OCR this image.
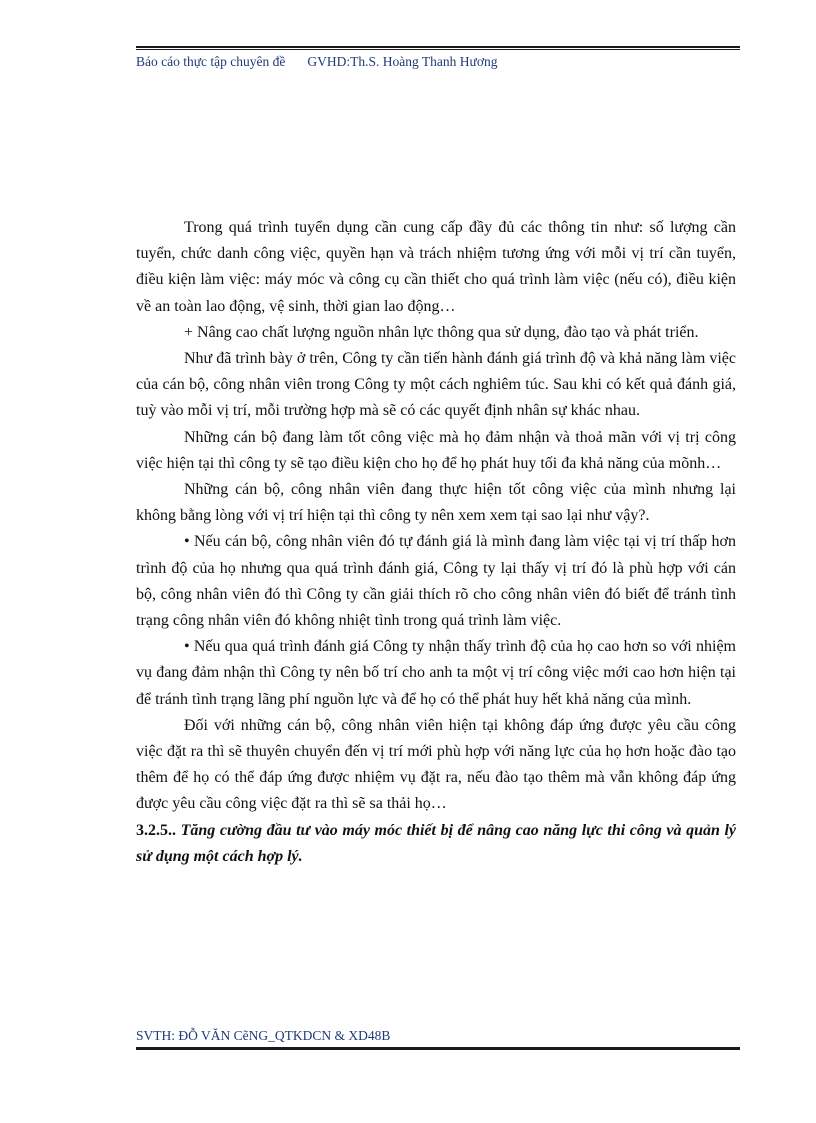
Báo cáo thực tập chuyên đề GVHD:Th.S. Hoàng Thanh Hương

Trong quá trình tuyển dụng cần cung cấp đầy đủ các thông tin như: số lượng cần tuyển, chức danh công việc, quyền hạn và trách nhiệm tương ứng với mỗi vị trí cần tuyển, điều kiện làm việc: máy móc và công cụ cần thiết cho quá trình làm việc (nếu có), điều kiện về an toàn lao động, vệ sinh, thời gian lao động…

+ Nâng cao chất lượng nguồn nhân lực thông qua sử dụng, đào tạo và phát triển.

Như đã trình bày ở trên, Công ty cần tiến hành đánh giá trình độ và khả năng làm việc của cán bộ, công nhân viên trong Công ty một cách nghiêm túc. Sau khi có kết quả đánh giá, tuỳ vào mỗi vị trí, mỗi trường hợp mà sẽ có các quyết định nhân sự khác nhau.

Những cán bộ đang làm tốt công việc mà họ đảm nhận và thoả mãn với vị trị công việc hiện tại thì công ty sẽ tạo điều kiện cho họ để họ phát huy tối đa khả năng của mõnh…

Những cán bộ, công nhân viên đang thực hiện tốt công việc của mình nhưng lại không bằng lòng với vị trí hiện tại thì công ty nên xem xem tại sao lại như vậy?.

• Nếu cán bộ, công nhân viên đó tự đánh giá là mình đang làm việc tại vị trí thấp hơn trình độ của họ nhưng qua quá trình đánh giá, Công ty lại thấy vị trí đó là phù hợp với cán bộ, công nhân viên đó thì Công ty cần giải thích rõ cho công nhân viên đó biết để tránh tình trạng công nhân viên đó không nhiệt tình trong quá trình làm việc.

• Nếu qua quá trình đánh giá Công ty nhận thấy trình độ của họ cao hơn so với nhiệm vụ đang đảm nhận thì Công ty nên bố trí cho anh ta một vị trí công việc mới cao hơn hiện tại để tránh tình trạng lãng phí nguồn lực và để họ có thể phát huy hết khả năng của mình.

Đối với những cán bộ, công nhân viên hiện tại không đáp ứng được yêu cầu công việc đặt ra thì sẽ thuyên chuyển đến vị trí mới phù hợp với năng lực của họ hơn hoặc đào tạo thêm để họ có thể đáp ứng được nhiệm vụ đặt ra, nếu đào tạo thêm mà vẫn không đáp ứng được yêu cầu công việc đặt ra thì sẽ sa thải họ…

3.2.5.. Tăng cường đầu tư vào máy móc thiết bị để nâng cao năng lực thi công và quản lý sử dụng một cách hợp lý.

SVTH: ĐỖ VĂN CẽNG_QTKDCN & XD48B
